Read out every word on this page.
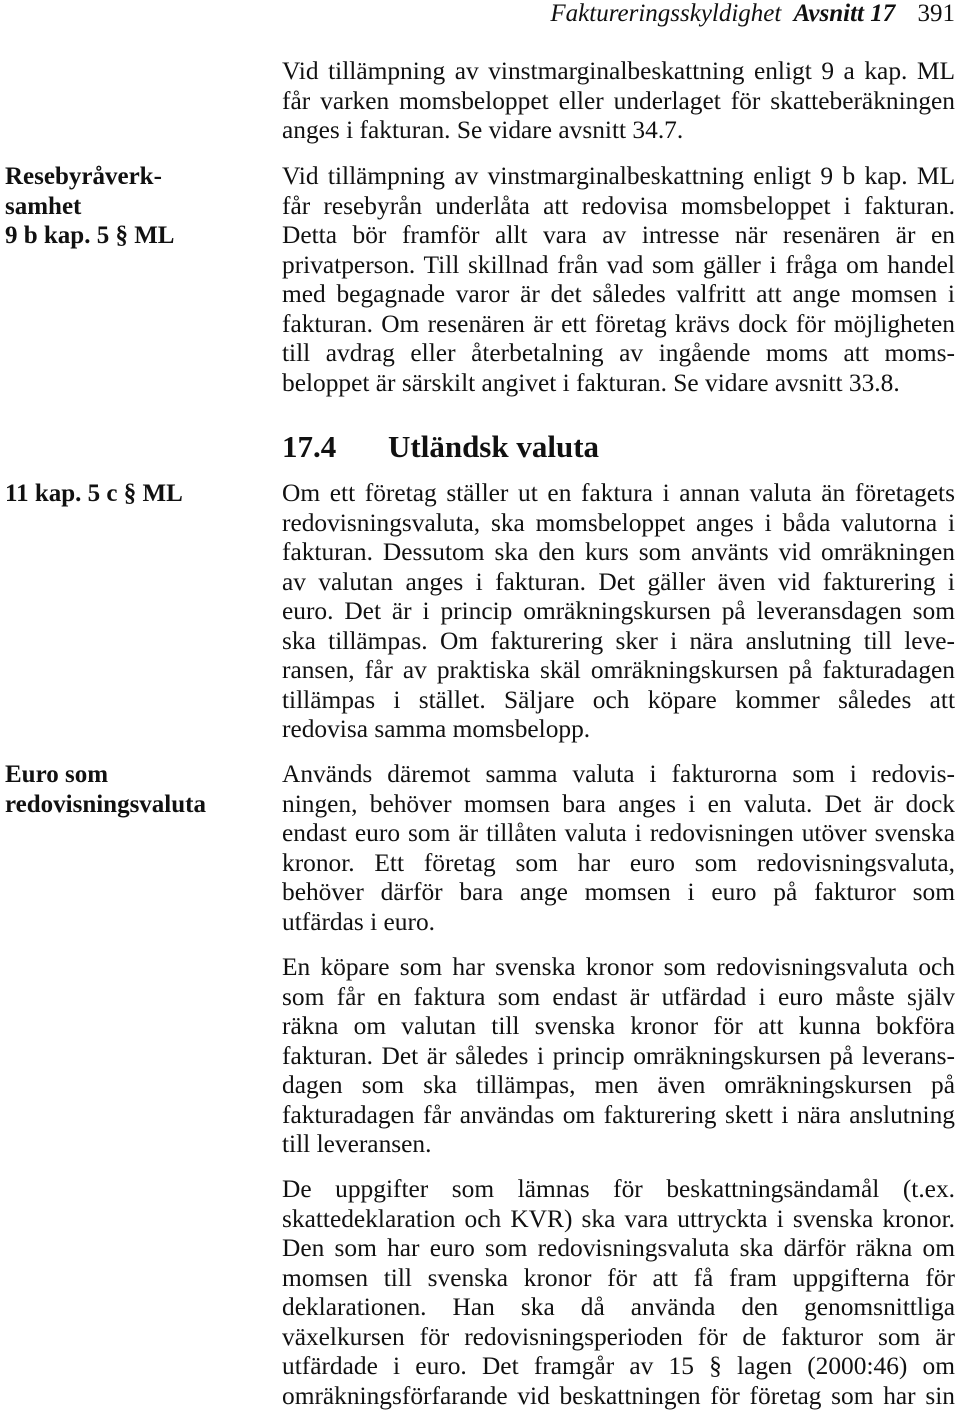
Faktureringsskyldighet Avsnitt 17 391
Vid tillämpning av vinstmarginalbeskattning enligt 9 a kap. ML
får varken momsbeloppet eller underlaget för skatteberäkningen
anges i fakturan. Se vidare avsnitt 34.7.
Resebyråverk-
samhet
9 b kap. 5 § ML
Vid tillämpning av vinstmarginalbeskattning enligt 9 b kap. ML
får resebyrån underlåta att redovisa momsbeloppet i fakturan.
Detta bör framför allt vara av intresse när resenären är en
privatperson. Till skillnad från vad som gäller i fråga om handel
med begagnade varor är det således valfritt att ange momsen i
fakturan. Om resenären är ett företag krävs dock för möjligheten
till avdrag eller återbetalning av ingående moms att moms-
beloppet är särskilt angivet i fakturan. Se vidare avsnitt 33.8.
17.4 Utländsk valuta
11 kap. 5 c § ML	Om ett företag ställer ut en faktura i annan valuta än företagets
redovisningsvaluta, ska momsbeloppet anges i båda valutorna i
fakturan. Dessutom ska den kurs som använts vid omräkningen
av valutan anges i fakturan. Det gäller även vid fakturering i
euro. Det är i princip omräkningskursen på leveransdagen som
ska tillämpas. Om fakturering sker i nära anslutning till leve-
ransen, får av praktiska skäl omräkningskursen på fakturadagen
tillämpas i stället. Säljare och köpare kommer således att
redovisa samma momsbelopp.
Euro som
redovisningsvaluta
Används däremot samma valuta i fakturorna som i redovis-
ningen, behöver momsen bara anges i en valuta. Det är dock
endast euro som är tillåten valuta i redovisningen utöver svenska
kronor. Ett företag som har euro som redovisningsvaluta,
behöver därför bara ange momsen i euro på fakturor som
utfärdas i euro.
En köpare som har svenska kronor som redovisningsvaluta och
som får en faktura som endast är utfärdad i euro måste själv
räkna om valutan till svenska kronor för att kunna bokföra
fakturan. Det är således i princip omräkningskursen på leverans-
dagen som ska tillämpas, men även omräkningskursen på
fakturadagen får användas om fakturering skett i nära anslutning
till leveransen.
De uppgifter som lämnas för beskattningsändamål (t.ex.
skattedeklaration och KVR) ska vara uttryckta i svenska kronor.
Den som har euro som redovisningsvaluta ska därför räkna om
momsen till svenska kronor för att få fram uppgifterna för
deklarationen. Han ska då använda den genomsnittliga
växelkursen för redovisningsperioden för de fakturor som är
utfärdade i euro. Det framgår av 15 § lagen (2000:46) om
omräkningsförfarande vid beskattningen för företag som har sin
